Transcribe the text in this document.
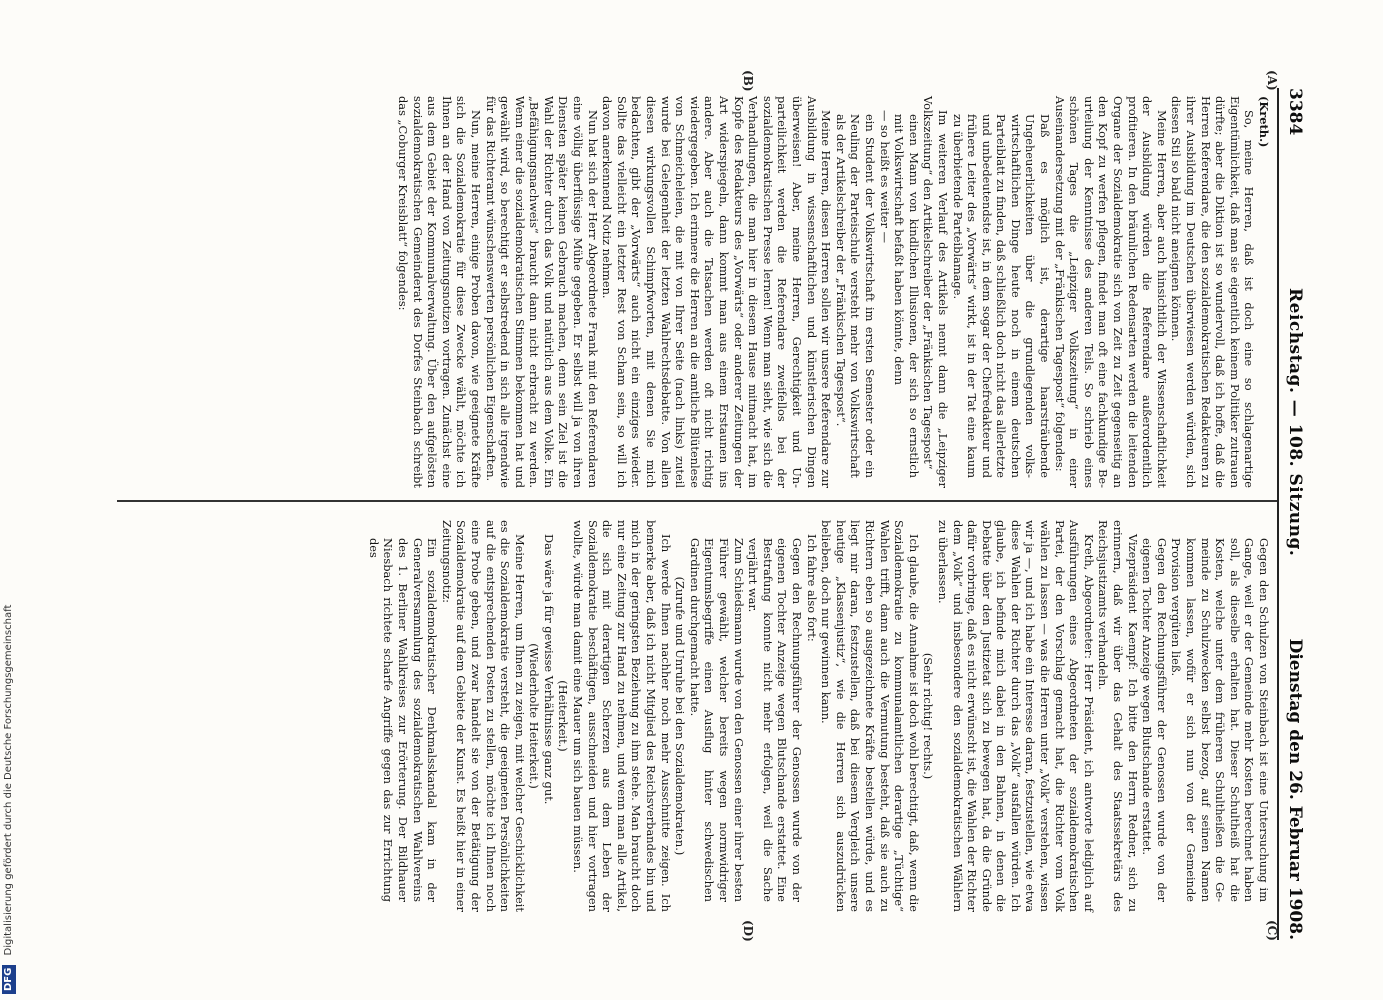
3384
Reichstag. — 108. Sitzung.
Dienstag den 26. Februar 1908.
(A)
(B)
(C)
(D)

(Kreth.)

So, meine Herren, daß ist doch eine so schlagenartige Eigentümlichkeit, daß man sie eigentlich keinem Politiker zutrauen dürfte; aber die Diktion ist so wundervoll, daß ich hoffe, daß die Herren Referendare, die den sozialdemokratischen Redakteuren zu ihrer Ausbildung im Deutschen überwiesen werden würden, sich diesen Stil so bald nicht aneignen können.

Meine Herren, aber auch hinsichtlich der Wissenschaftlichkeit der Ausbildung würden die Referendare außerordentlich profitieren. In den bräunlichen Redensarten werden die leitenden Organe der Sozialdemokratie sich von Zeit zu Zeit gegenseitig an den Kopf zu werfen pflegen, findet man oft eine fachkundige Beurteilung der Kenntnisse des anderen Teils. So schrieb eines schönen Tages die „Leipziger Volkszeitung“ in einer Auseinandersetzung mit der „Fränkischen Tagespost“ folgendes:

Daß es möglich ist, derartige haarsträubende Ungeheuerlichkeiten über die grundlegenden volkswirtschaftlichen Dinge heute noch in einem deutschen Parteiblatt zu finden, daß schließlich doch nicht das allerletzte und unbedeutendste ist, in dem sogar der Chefredakteur und frühere Leiter des „Vorwärts“ wirkt, ist in der Tat eine kaum zu überbietende Parteiblamage.

Im weiteren Verlauf des Artikels nennt dann die „Leipziger Volkszeitung“ den Artikelschreiber der „Fränkischen Tagespost“

einen Mann von kindlichen Illusionen, der sich so ernstlich mit Volkswirtschaft befaßt haben könnte, denn

— so heißt es weiter —

ein Student der Volkswirtschaft im ersten Semester oder ein Neuling der Parteischule versteht mehr von Volkswirtschaft als der Artikelschreiber der „Fränkischen Tagespost“.

Meine Herren, diesen Herren sollen wir unsere Referendare zur Ausbildung in wissenschaftlichen und künstlerischen Dingen überweisen! Aber, meine Herren, Gerechtigkeit und Unparteilichkeit werden die Referendare zweifellos bei der sozialdemokratischen Presse lernen! Wenn man sieht, wie sich die Verhandlungen, die man hier in diesem Hause mitmacht hat, im Kopfe des Redakteurs des „Vorwärts“ oder anderer Zeitungen der Art widerspiegeln, dann kommt man aus einem Erstaunen ins andere. Aber auch die Tatsachen werden oft nicht richtig wiedergegeben. Ich erinnere die Herren an die amtliche Blütenlese von Schmeicheleien, die mit von Ihrer Seite (nach links) zuteil wurde bei Gelegenheit der letzten Wahlrechtsdebatte. Von allen diesen wirkungsvollen Schimpfworten, mit denen Sie mich bedachten, gibt der „Vorwärts“ auch nicht ein einziges wieder. Sollte das vielleicht ein letzter Rest von Scham sein, so will ich davon anerkennend Notiz nehmen.

Nun hat sich der Herr Abgeordnete Frank mit den Referendaren eine völlig überflüssige Mühe gegeben. Er selbst will ja von ihren Diensten später keinen Gebrauch machen, denn sein Ziel ist die Wahl der Richter durch das Volk und natürlich aus dem Volke. Ein „Befähigungsnachweis“ braucht dann nicht erbracht zu werden. Wenn einer die sozialdemokratischen Stimmen bekommen hat und gewählt wird, so berechtigt er selbstredend in sich alle irgendwie für das Richteramt wünschenswerten persönlichen Eigenschaften.

Nun, meine Herren, einige Proben davon, wie geeignete Kräfte sich die Sozialdemokratie für diese Zwecke wählt, möchte ich Ihnen an der Hand von Zeitungsnotizen vortragen. Zunächst eine aus dem Gebiet der Kommunalverwaltung. Über den aufgelösten sozialdemokratischen Gemeinderat des Dorfes Steinbach schreibt das „Coburger Kreisblatt“ folgendes:

Gegen den Schulzen von Steinbach ist eine Untersuchung im Gange, weil er der Gemeinde mehr Kosten berechnet haben soll, als dieselbe erhalten hat. Dieser Schultheiß hat die Kosten, welche unter dem früheren Schultheißen die Gemeinde zu Schulzwecken selbst bezog, auf seinen Namen kommen lassen, wofür er sich nun von der Gemeinde Provision vergüten ließ.

Gegen den Rechnungsführer der Genossen wurde von der eigenen Tochter Anzeige wegen Blutschande erstattet.

Vizepräsident Kaempf: Ich bitte den Herrn Redner, sich zu erinnern, daß wir über das Gehalt des Staatssekretärs des Reichsjustizamts verhandeln.

Kreth, Abgeordneter: Herr Präsident, ich antworte lediglich auf Ausführungen eines Abgeordneten der sozialdemokratischen Partei, der den Vorschlag gemacht hat, die Richter vom Volk wählen zu lassen — was die Herren unter „Volk“ verstehen, wissen wir ja —, und ich habe ein Interesse daran, festzustellen, wie etwa diese Wahlen der Richter durch das „Volk“ ausfallen würden. Ich glaube, ich befinde mich dabei in den Bahnen, in denen die Debatte über den Justizetat sich zu bewegen hat, da die Gründe dafür vorbringe, daß es nicht erwünscht ist, die Wahlen der Richter dem „Volk“ und insbesondere den sozialdemokratischen Wählern zu überlassen.

(Sehr richtig! rechts.)

Ich glaube, die Annahme ist doch wohl berechtigt, daß, wenn die Sozialdemokratie zu kommunalamtlichen derartige „Tüchtige“ Wahlen trifft, dann auch die Vermutung besteht, daß sie auch zu Richtern eben so ausgezeichnete Kräfte bestellen würde, und es liegt mir daran, festzustellen, daß bei diesem Vergleich unsere heutige „Klassenjustiz“, wie die Herren sich auszudrücken belieben, doch nur gewinnen kann.

Ich fahre also fort:

Gegen den Rechnungsführer der Genossen wurde von der eigenen Tochter Anzeige wegen Blutschande erstattet. Eine Bestrafung konnte nicht mehr erfolgen, weil die Sache verjährt war.

Zum Schiedsmann wurde von den Genossen einer ihrer besten Führer gewählt, welcher bereits wegen normwidriger Eigentumsbegriffe einen Ausflug hinter schwedischen Gardinen durchgemacht hatte.

(Zurufe und Unruhe bei den Sozialdemokraten.)

Ich werde Ihnen nachher noch mehr Ausschnitte zeigen. Ich bemerke aber, daß ich nicht Mitglied des Reichsverbandes bin und mich in der geringsten Beziehung zu ihm stehe. Man braucht doch nur eine Zeitung zur Hand zu nehmen, und wenn man alle Artikel, die sich mit derartigen Scherzen aus dem Leben der Sozialdemokratie beschäftigen, ausschneiden und hier vortragen wollte, würde man damit eine Mauer um sich bauen müssen.

(Heiterkeit.)

Das wäre ja für gewisse Verhältnisse ganz gut.

(Wiederholte Heiterkeit.)

Meine Herren, um Ihnen zu zeigen, mit welcher Geschicklichkeit es die Sozialdemokratie versteht, die geeigneten Persönlichkeiten auf die entsprechenden Posten zu stellen, möchte ich Ihnen noch eine Probe geben, und zwar handelt sie von der Betätigung der Sozialdemokratie auf dem Gebiete der Kunst. Es heißt hier in einer Zeitungsnotiz:

Ein sozialdemokratischer Denkmalsskandal kam in der Generalversammlung des sozialdemokratischen Wahlvereins des 1. Berliner Wahlkreises zur Erörterung. Der Bildhauer Niesbach richtete scharfe Angriffe gegen das zur Errichtung des

DFG Digitalisierung gefördert durch die Deutsche Forschungsgemeinschaft
